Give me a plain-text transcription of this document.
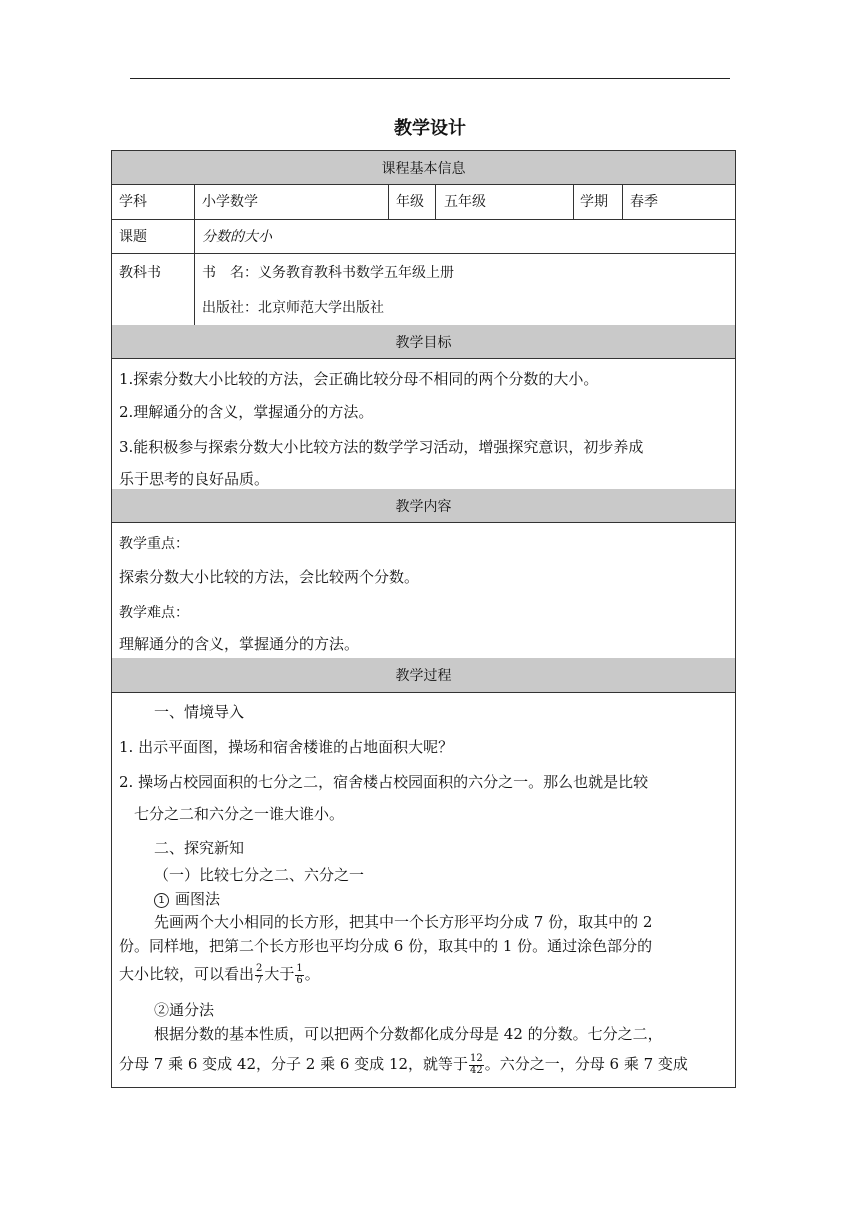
教学设计
课程基本信息
学科	小学数学	年级 五年级	学期 春季
课题	分数的大小
教科书	书　名：义务教育教科书数学五年级上册
出版社：北京师范大学出版社
教学目标
1.探索分数大小比较的方法，会正确比较分母不相同的两个分数的大小。
2.理解通分的含义，掌握通分的方法。
3.能积极参与探索分数大小比较方法的数学学习活动，增强探究意识，初步养成
乐于思考的良好品质。
教学内容
教学重点：
探索分数大小比较的方法，会比较两个分数。
教学难点：
理解通分的含义，掌握通分的方法。
教学过程
一、情境导入
1. 出示平面图，操场和宿舍楼谁的占地面积大呢？
2. 操场占校园面积的七分之二，宿舍楼占校园面积的六分之一。那么也就是比较
七分之二和六分之一谁大谁小。
二、探究新知
（一）比较七分之二、六分之一
1 画图法
先画两个大小相同的长方形，把其中一个长方形平均分成 7 份，取其中的 2
份。同样地，把第二个长方形也平均分成 6 份，取其中的 1 份。通过涂色部分的
大小比较，可以看出 $\frac{2}{7}$ 大于 $\frac{1}{6}$ 。
②通分法
根据分数的基本性质，可以把两个分数都化成分母是 42 的分数。七分之二，
分母 7 乘 6 变成 42，分子 2 乘 6 变成 12，就等于 $\frac{12}{42}$ 。六分之一，分母 6 乘 7 变成
